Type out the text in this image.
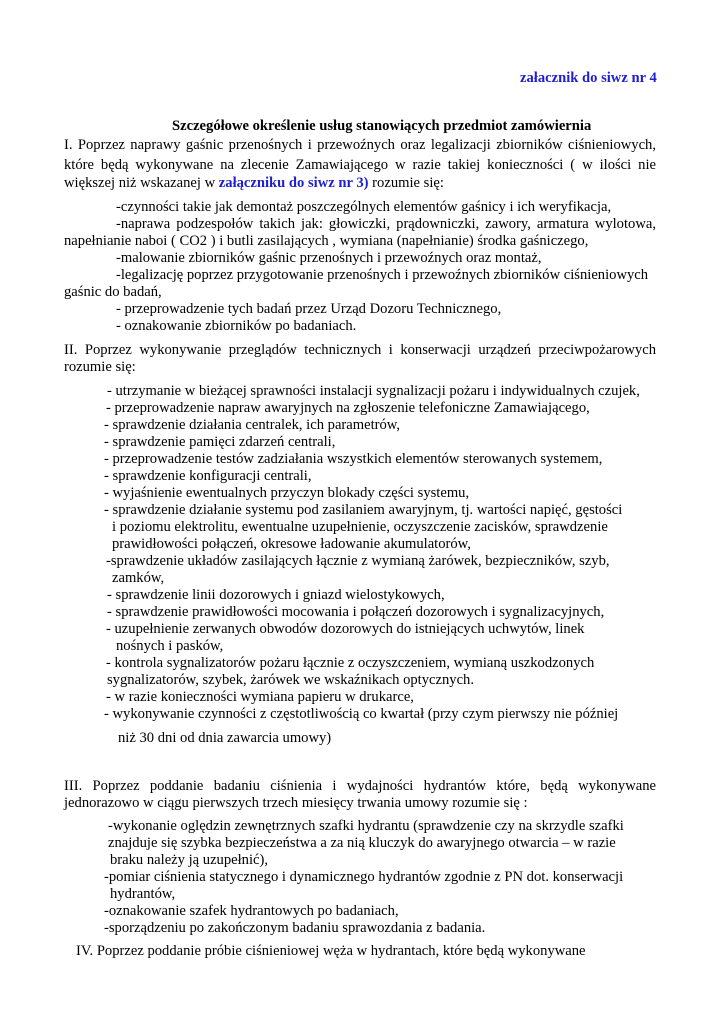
załacznik do siwz nr 4
Szczegółowe określenie usług stanowiących przedmiot zamówiernia
I. Poprzez naprawy gaśnic przenośnych i przewoźnych oraz legalizacji zbiorników ciśnieniowych,
które będą wykonywane na zlecenie Zamawiającego w razie takiej konieczności ( w ilości nie
większej niż wskazanej w załączniku do siwz nr 3) rozumie się:
-czynności takie jak demontaż poszczególnych elementów gaśnicy i ich weryfikacja,
-naprawa podzespołów takich jak: głowiczki, prądowniczki, zawory, armatura wylotowa,
napełnianie naboi ( CO2 ) i butli zasilających , wymiana (napełnianie) środka gaśniczego,
-malowanie zbiorników gaśnic przenośnych i przewoźnych oraz montaż,
-legalizację poprzez przygotowanie przenośnych i przewoźnych zbiorników ciśnieniowych
gaśnic do badań,
- przeprowadzenie tych badań przez Urząd Dozoru Technicznego,
- oznakowanie zbiorników po badaniach.
II. Poprzez wykonywanie przeglądów technicznych i konserwacji urządzeń przeciwpożarowych
rozumie się:
- utrzymanie w bieżącej sprawności instalacji sygnalizacji pożaru i indywidualnych czujek,
- przeprowadzenie napraw awaryjnych na zgłoszenie telefoniczne Zamawiającego,
- sprawdzenie działania centralek, ich parametrów,
- sprawdzenie pamięci zdarzeń centrali,
- przeprowadzenie testów zadziałania wszystkich elementów sterowanych systemem,
- sprawdzenie konfiguracji centrali,
- wyjaśnienie ewentualnych przyczyn blokady części systemu,
- sprawdzenie działanie systemu pod zasilaniem awaryjnym, tj. wartości napięć, gęstości
i poziomu elektrolitu, ewentualne uzupełnienie, oczyszczenie zacisków, sprawdzenie
prawidłowości połączeń, okresowe ładowanie akumulatorów,
-sprawdzenie układów zasilających łącznie z wymianą żarówek, bezpieczników, szyb,
zamków,
- sprawdzenie linii dozorowych i gniazd wielostykowych,
- sprawdzenie prawidłowości mocowania i połączeń dozorowych i sygnalizacyjnych,
- uzupełnienie zerwanych obwodów dozorowych do istniejących uchwytów, linek
nośnych i pasków,
- kontrola sygnalizatorów pożaru łącznie z oczyszczeniem, wymianą uszkodzonych
sygnalizatorów, szybek, żarówek we wskaźnikach optycznych.
- w razie konieczności wymiana papieru w drukarce,
- wykonywanie czynności z częstotliwością co kwartał (przy czym pierwszy nie później
niż 30 dni od dnia zawarcia umowy)
III. Poprzez poddanie badaniu ciśnienia i wydajności hydrantów które, będą wykonywane
jednorazowo w ciągu pierwszych trzech miesięcy trwania umowy rozumie się :
-wykonanie oględzin zewnętrznych szafki hydrantu (sprawdzenie czy na skrzydle szafki
znajduje się szybka bezpieczeństwa a za nią kluczyk do awaryjnego otwarcia – w razie
braku należy ją uzupełnić),
-pomiar ciśnienia statycznego i dynamicznego hydrantów zgodnie z PN dot. konserwacji
hydrantów,
-oznakowanie szafek hydrantowych po badaniach,
-sporządzeniu po zakończonym badaniu sprawozdania z badania.
IV. Poprzez poddanie próbie ciśnieniowej węża w hydrantach, które będą wykonywane
